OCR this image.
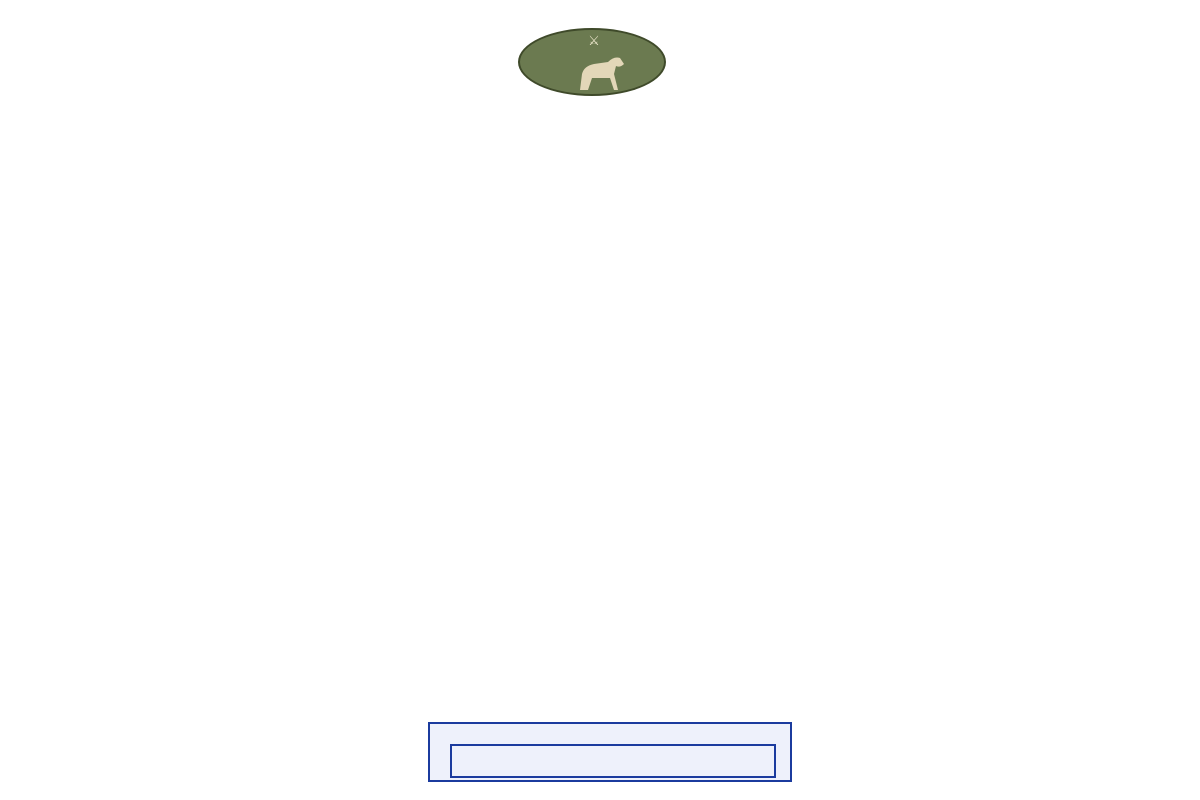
⚔
